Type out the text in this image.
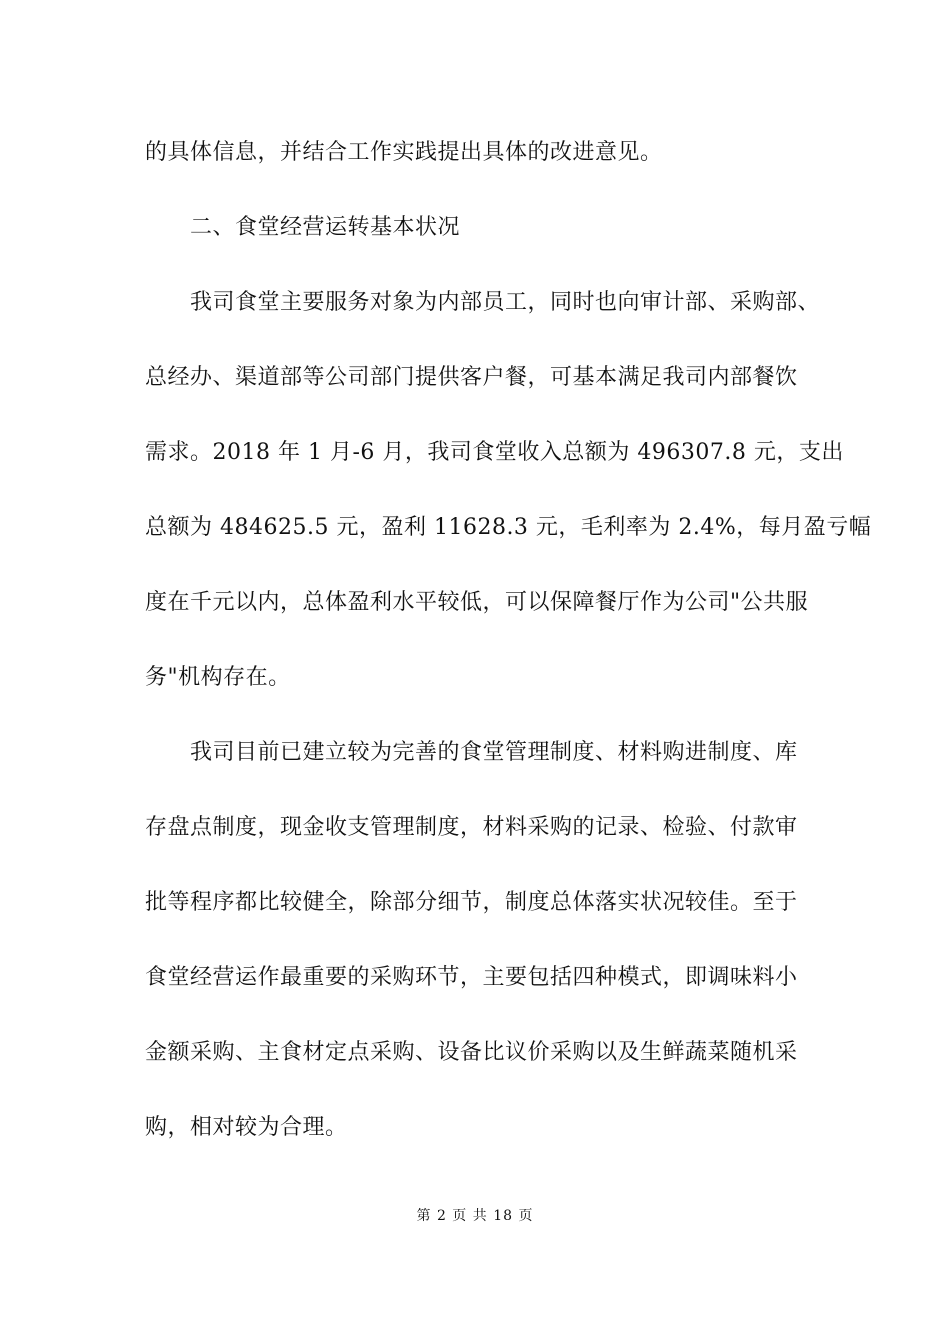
的具体信息，并结合工作实践提出具体的改进意见。
二、食堂经营运转基本状况
我司食堂主要服务对象为内部员工，同时也向审计部、采购部、
总经办、渠道部等公司部门提供客户餐，可基本满足我司内部餐饮
需求。2018 年 1 月-6 月，我司食堂收入总额为 496307.8 元，支出
总额为 484625.5 元，盈利 11628.3 元，毛利率为 2.4%，每月盈亏幅
度在千元以内，总体盈利水平较低，可以保障餐厅作为公司"公共服
务"机构存在。
我司目前已建立较为完善的食堂管理制度、材料购进制度、库
存盘点制度，现金收支管理制度，材料采购的记录、检验、付款审
批等程序都比较健全，除部分细节，制度总体落实状况较佳。至于
食堂经营运作最重要的采购环节，主要包括四种模式，即调味料小
金额采购、主食材定点采购、设备比议价采购以及生鲜蔬菜随机采
购，相对较为合理。
第 2 页 共 18 页
